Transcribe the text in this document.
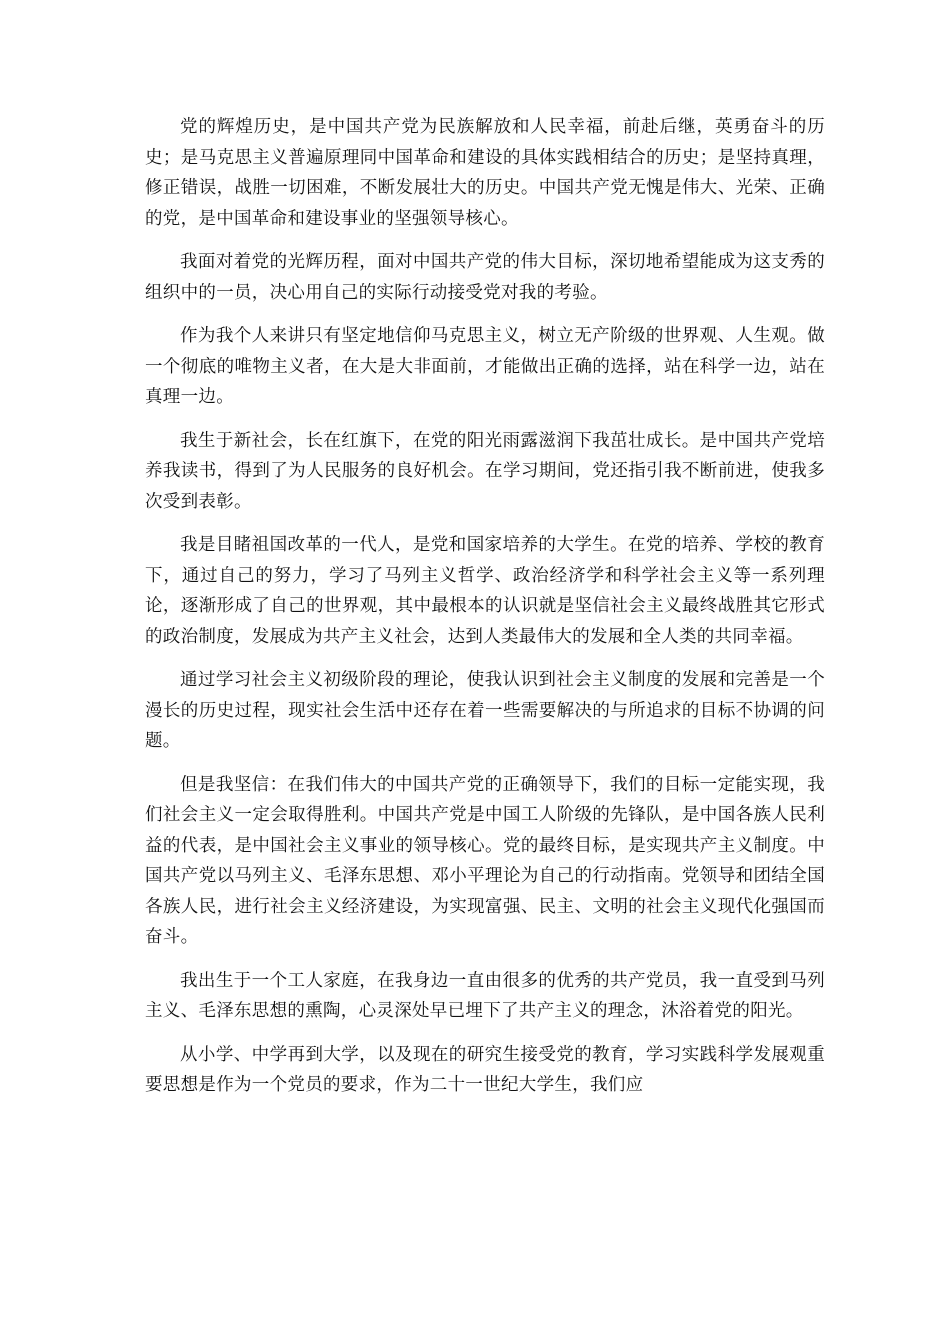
党的辉煌历史，是中国共产党为民族解放和人民幸福，前赴后继，英勇奋斗的历史；是马克思主义普遍原理同中国革命和建设的具体实践相结合的历史；是坚持真理，修正错误，战胜一切困难，不断发展壮大的历史。中国共产党无愧是伟大、光荣、正确的党，是中国革命和建设事业的坚强领导核心。

我面对着党的光辉历程，面对中国共产党的伟大目标，深切地希望能成为这支秀的组织中的一员，决心用自己的实际行动接受党对我的考验。

作为我个人来讲只有坚定地信仰马克思主义，树立无产阶级的世界观、人生观。做一个彻底的唯物主义者，在大是大非面前，才能做出正确的选择，站在科学一边，站在真理一边。

我生于新社会，长在红旗下，在党的阳光雨露滋润下我茁壮成长。是中国共产党培养我读书，得到了为人民服务的良好机会。在学习期间，党还指引我不断前进，使我多次受到表彰。

我是目睹祖国改革的一代人，是党和国家培养的大学生。在党的培养、学校的教育下，通过自己的努力，学习了马列主义哲学、政治经济学和科学社会主义等一系列理论，逐渐形成了自己的世界观，其中最根本的认识就是坚信社会主义最终战胜其它形式的政治制度，发展成为共产主义社会，达到人类最伟大的发展和全人类的共同幸福。

通过学习社会主义初级阶段的理论，使我认识到社会主义制度的发展和完善是一个漫长的历史过程，现实社会生活中还存在着一些需要解决的与所追求的目标不协调的问题。

但是我坚信：在我们伟大的中国共产党的正确领导下，我们的目标一定能实现，我们社会主义一定会取得胜利。中国共产党是中国工人阶级的先锋队，是中国各族人民利益的代表，是中国社会主义事业的领导核心。党的最终目标，是实现共产主义制度。中国共产党以马列主义、毛泽东思想、邓小平理论为自己的行动指南。党领导和团结全国各族人民，进行社会主义经济建设，为实现富强、民主、文明的社会主义现代化强国而奋斗。

我出生于一个工人家庭，在我身边一直由很多的优秀的共产党员，我一直受到马列主义、毛泽东思想的熏陶，心灵深处早已埋下了共产主义的理念，沐浴着党的阳光。

从小学、中学再到大学，以及现在的研究生接受党的教育，学习实践科学发展观重要思想是作为一个党员的要求，作为二十一世纪大学生，我们应
